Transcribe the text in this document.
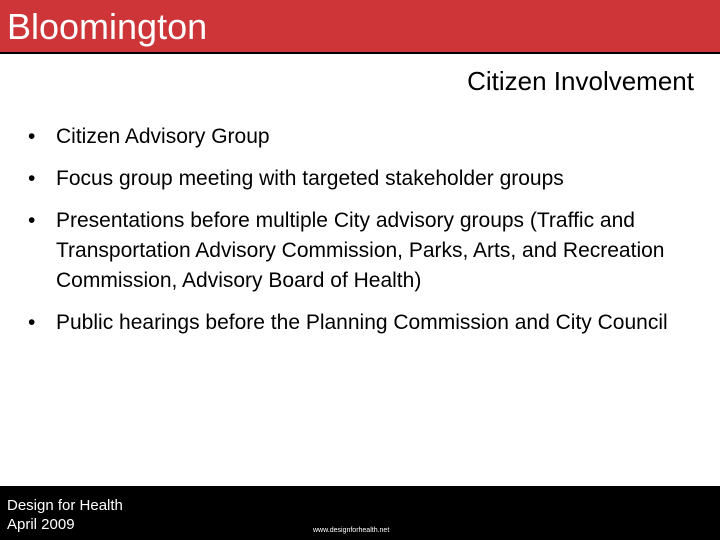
Bloomington
Citizen Involvement
• Citizen Advisory Group
• Focus group meeting with targeted stakeholder groups
• Presentations before multiple City advisory groups (Traffic and Transportation Advisory Commission, Parks, Arts, and Recreation Commission, Advisory Board of Health)
• Public hearings before the Planning Commission and City Council
Design for Health
April 2009	www.designforhealth.net
